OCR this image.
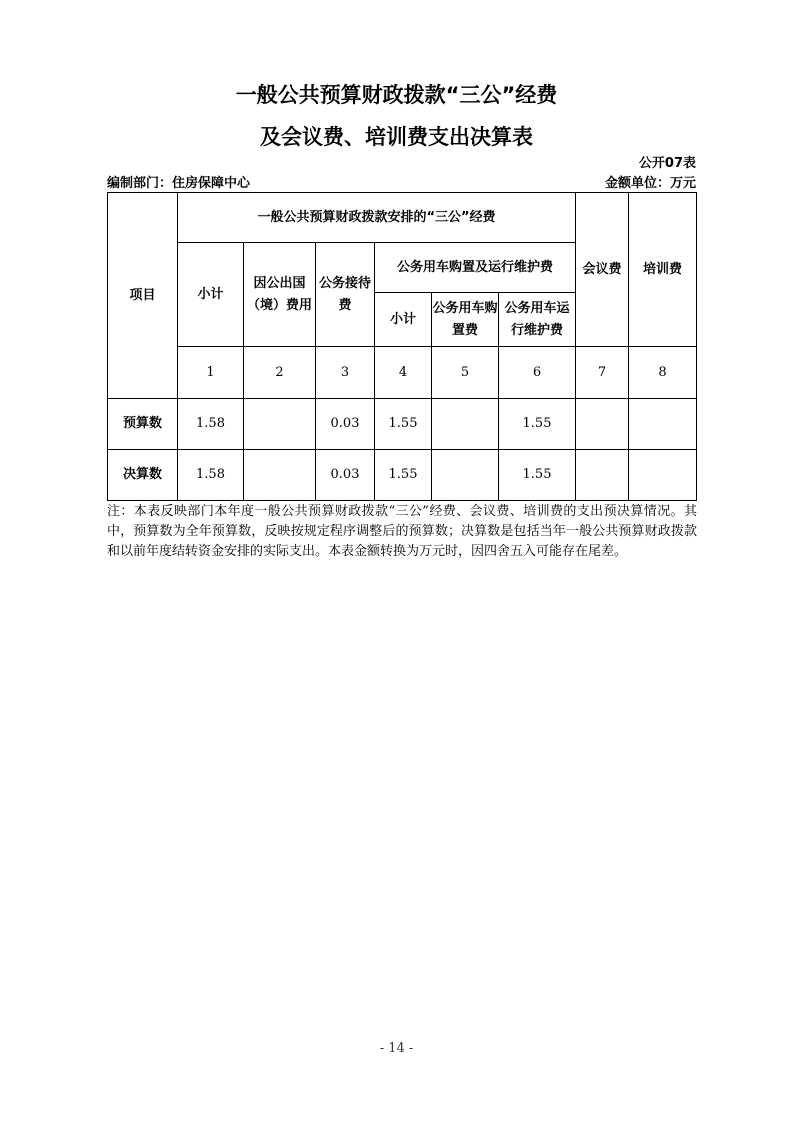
一般公共预算财政拨款“三公”经费
及会议费、培训费支出决算表
公开07表
编制部门：住房保障中心	金额单位：万元
项目	一般公共预算财政拨款安排的“三公”经费						会议费	培训费
	小计	因公出国（境）费用	公务接待费	公务用车购置及运行维护费				
				小计	公务用车购置费	公务用车运行维护费		
	1	2	3	4	5	6	7	8
预算数	1.58		0.03	1.55		1.55		
决算数	1.58		0.03	1.55		1.55		
注：本表反映部门本年度一般公共预算财政拨款“三公”经费、会议费、培训费的支出预决算情况。其中，预算数为全年预算数，反映按规定程序调整后的预算数；决算数是包括当年一般公共预算财政拨款和以前年度结转资金安排的实际支出。本表金额转换为万元时，因四舍五入可能存在尾差。
- 14 -
